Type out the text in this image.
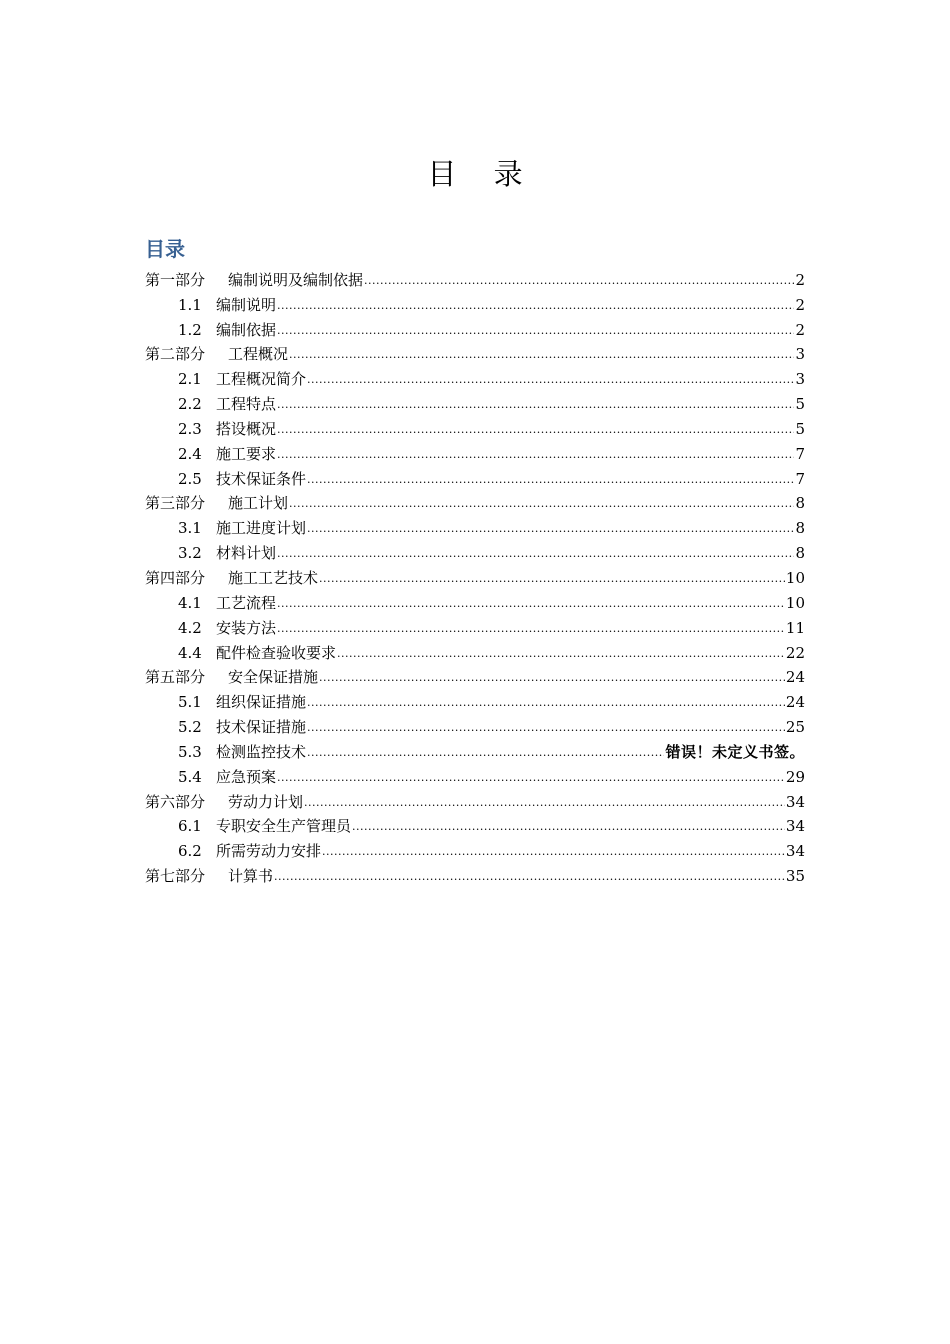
目 录
目录
第一部分	编制说明及编制依据 .....	2
1.1 编制说明 .....	2
1.2 编制依据 .....	2
第二部分	工程概况 .....	3
2.1 工程概况简介 .....	3
2.2 工程特点 .....	5
2.3 搭设概况 .....	5
2.4 施工要求 .....	7
2.5 技术保证条件 .....	7
第三部分	施工计划 .....	8
3.1 施工进度计划 .....	8
3.2 材料计划 .....	8
第四部分	施工工艺技术 .....	10
4.1 工艺流程 .....	10
4.2 安装方法 .....	11
4.4 配件检查验收要求 .....	22
第五部分	安全保证措施 .....	24
5.1 组织保证措施 .....	24
5.2 技术保证措施 .....	25
5.3 检测监控技术 .....	错误！未定义书签。
5.4 应急预案 .....	29
第六部分	劳动力计划 .....	34
6.1 专职安全生产管理员 .....	34
6.2 所需劳动力安排 .....	34
第七部分	计算书 .....	35
